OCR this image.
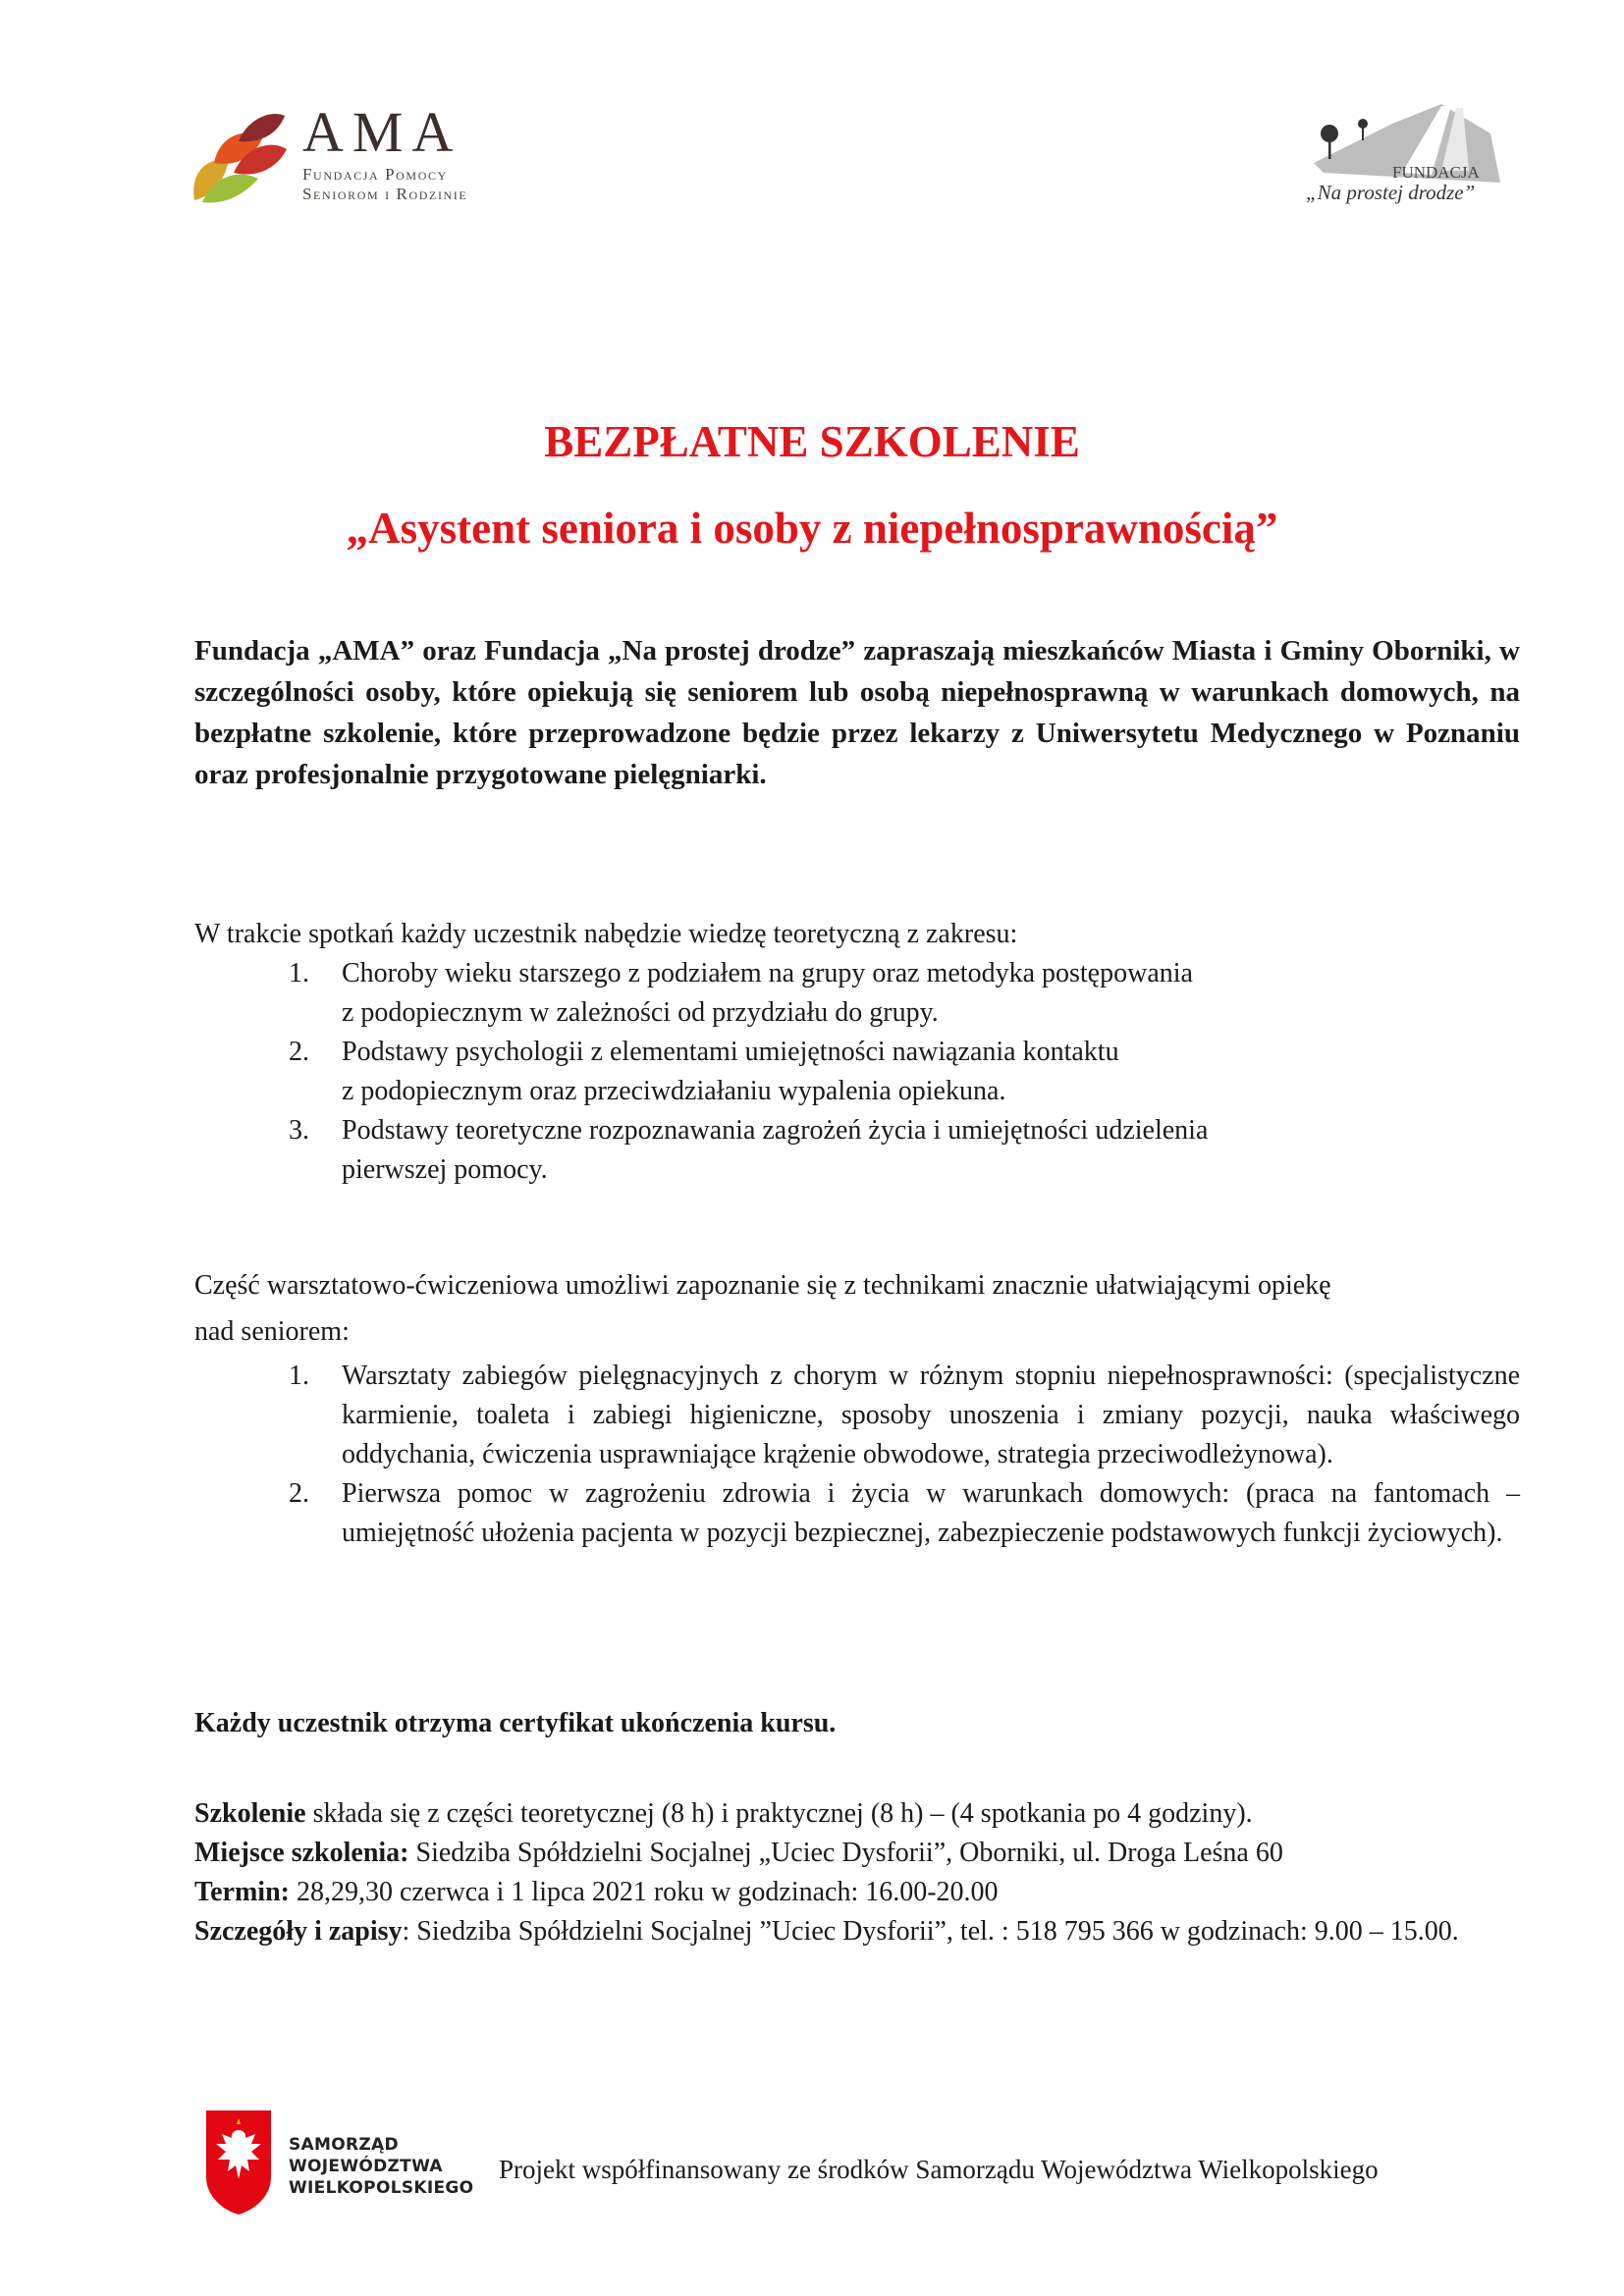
AMA

Fundacja Pomocy

Seniorom i Rodzinie

FUNDACJA
„Na prostej drodze”
BEZPŁATNE SZKOLENIE
„Asystent seniora i osoby z niepełnosprawnością”

Fundacja „AMA” oraz Fundacja „Na prostej drodze” zapraszają mieszkańców Miasta i Gminy Oborniki, w szczególności osoby, które opiekują się seniorem lub osobą niepełnosprawną w warunkach domowych, na bezpłatne szkolenie, które przeprowadzone będzie przez lekarzy z Uniwersytetu Medycznego w Poznaniu oraz profesjonalnie przygotowane pielęgniarki.

W trakcie spotkań każdy uczestnik nabędzie wiedzę teoretyczną z zakresu:

1. Choroby wieku starszego z podziałem na grupy oraz metodyka postępowania
z podopiecznym w zależności od przydziału do grupy.
2. Podstawy psychologii z elementami umiejętności nawiązania kontaktu
z podopiecznym oraz przeciwdziałaniu wypalenia opiekuna.
3. Podstawy teoretyczne rozpoznawania zagrożeń życia i umiejętności udzielenia
pierwszej pomocy.

Część warsztatowo-ćwiczeniowa umożliwi zapoznanie się z technikami znacznie ułatwiającymi opiekę

nad seniorem:

1. Warsztaty zabiegów pielęgnacyjnych z chorym w różnym stopniu niepełnosprawności: (specjalistyczne karmienie, toaleta i zabiegi higieniczne, sposoby unoszenia i zmiany pozycji, nauka właściwego oddychania, ćwiczenia usprawniające krążenie obwodowe, strategia przeciwodleżynowa).
2. Pierwsza pomoc w zagrożeniu zdrowia i życia w warunkach domowych: (praca na fantomach – umiejętność ułożenia pacjenta w pozycji bezpiecznej, zabezpieczenie podstawowych funkcji życiowych).

Każdy uczestnik otrzyma certyfikat ukończenia kursu.

Szkolenie składa się z części teoretycznej (8 h) i praktycznej (8 h) – (4 spotkania po 4 godziny).

Miejsce szkolenia: Siedziba Spółdzielni Socjalnej „Uciec Dysforii”, Oborniki, ul. Droga Leśna 60

Termin: 28,29,30 czerwca i 1 lipca 2021 roku w godzinach: 16.00-20.00

Szczegóły i zapisy: Siedziba Spółdzielni Socjalnej ”Uciec Dysforii”, tel. : 518 795 366 w godzinach: 9.00 – 15.00.

SAMORZĄD WOJEWÓDZTWA
WIELKOPOLSKIEGO

Projekt współfinansowany ze środków Samorządu Województwa Wielkopolskiego
